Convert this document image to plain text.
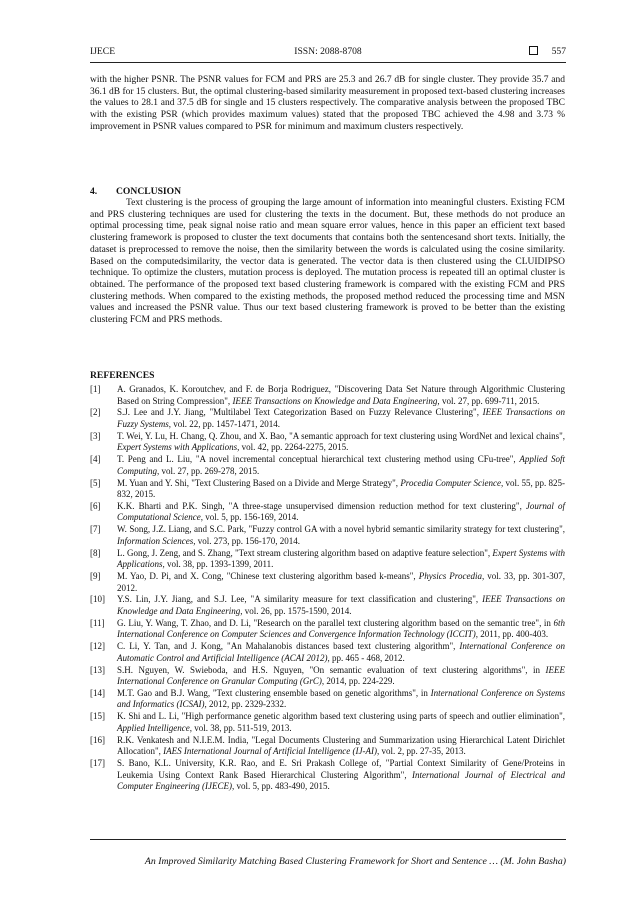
IJECE	ISSN: 2088-8708	557
with the higher PSNR. The PSNR values for FCM and PRS are 25.3 and 26.7 dB for single cluster. They provide 35.7 and 36.1 dB for 15 clusters. But, the optimal clustering-based similarity measurement in proposed text-based clustering increases the values to 28.1 and 37.5 dB for single and 15 clusters respectively. The comparative analysis between the proposed TBC with the existing PSR (which provides maximum values) stated that the proposed TBC achieved the 4.98 and 3.73 % improvement in PSNR values compared to PSR for minimum and maximum clusters respectively.
4. CONCLUSION
Text clustering is the process of grouping the large amount of information into meaningful clusters. Existing FCM and PRS clustering techniques are used for clustering the texts in the document. But, these methods do not produce an optimal processing time, peak signal noise ratio and mean square error values, hence in this paper an efficient text based clustering framework is proposed to cluster the text documents that contains both the sentencesand short texts. Initially, the dataset is preprocessed to remove the noise, then the similarity between the words is calculated using the cosine similarity. Based on the computedsimilarity, the vector data is generated. The vector data is then clustered using the CLUIDIPSO technique. To optimize the clusters, mutation process is deployed. The mutation process is repeated till an optimal cluster is obtained. The performance of the proposed text based clustering framework is compared with the existing FCM and PRS clustering methods. When compared to the existing methods, the proposed method reduced the processing time and MSN values and increased the PSNR value. Thus our text based clustering framework is proved to be better than the existing clustering FCM and PRS methods.
REFERENCES
[1] A. Granados, K. Koroutchev, and F. de Borja Rodriguez, "Discovering Data Set Nature through Algorithmic Clustering Based on String Compression", IEEE Transactions on Knowledge and Data Engineering, vol. 27, pp. 699-711, 2015.
[2] S.J. Lee and J.Y. Jiang, "Multilabel Text Categorization Based on Fuzzy Relevance Clustering", IEEE Transactions on Fuzzy Systems, vol. 22, pp. 1457-1471, 2014.
[3] T. Wei, Y. Lu, H. Chang, Q. Zhou, and X. Bao, "A semantic approach for text clustering using WordNet and lexical chains", Expert Systems with Applications, vol. 42, pp. 2264-2275, 2015.
[4] T. Peng and L. Liu, "A novel incremental conceptual hierarchical text clustering method using CFu-tree", Applied Soft Computing, vol. 27, pp. 269-278, 2015.
[5] M. Yuan and Y. Shi, "Text Clustering Based on a Divide and Merge Strategy", Procedia Computer Science, vol. 55, pp. 825-832, 2015.
[6] K.K. Bharti and P.K. Singh, "A three-stage unsupervised dimension reduction method for text clustering", Journal of Computational Science, vol. 5, pp. 156-169, 2014.
[7] W. Song, J.Z. Liang, and S.C. Park, "Fuzzy control GA with a novel hybrid semantic similarity strategy for text clustering", Information Sciences, vol. 273, pp. 156-170, 2014.
[8] L. Gong, J. Zeng, and S. Zhang, "Text stream clustering algorithm based on adaptive feature selection", Expert Systems with Applications, vol. 38, pp. 1393-1399, 2011.
[9] M. Yao, D. Pi, and X. Cong, "Chinese text clustering algorithm based k-means", Physics Procedia, vol. 33, pp. 301-307, 2012.
[10] Y.S. Lin, J.Y. Jiang, and S.J. Lee, "A similarity measure for text classification and clustering", IEEE Transactions on Knowledge and Data Engineering, vol. 26, pp. 1575-1590, 2014.
[11] G. Liu, Y. Wang, T. Zhao, and D. Li, "Research on the parallel text clustering algorithm based on the semantic tree", in 6th International Conference on Computer Sciences and Convergence Information Technology (ICCIT), 2011, pp. 400-403.
[12] C. Li, Y. Tan, and J. Kong, "An Mahalanobis distances based text clustering algorithm", International Conference on Automatic Control and Artificial Intelligence (ACAI 2012), pp. 465 - 468, 2012.
[13] S.H. Nguyen, W. Swieboda, and H.S. Nguyen, "On semantic evaluation of text clustering algorithms", in IEEE International Conference on Granular Computing (GrC), 2014, pp. 224-229.
[14] M.T. Gao and B.J. Wang, "Text clustering ensemble based on genetic algorithms", in International Conference on Systems and Informatics (ICSAI), 2012, pp. 2329-2332.
[15] K. Shi and L. Li, "High performance genetic algorithm based text clustering using parts of speech and outlier elimination", Applied Intelligence, vol. 38, pp. 511-519, 2013.
[16] R.K. Venkatesh and N.I.E.M. India, "Legal Documents Clustering and Summarization using Hierarchical Latent Dirichlet Allocation", IAES International Journal of Artificial Intelligence (IJ-AI), vol. 2, pp. 27-35, 2013.
[17] S. Bano, K.L. University, K.R. Rao, and E. Sri Prakash College of, "Partial Context Similarity of Gene/Proteins in Leukemia Using Context Rank Based Hierarchical Clustering Algorithm", International Journal of Electrical and Computer Engineering (IJECE), vol. 5, pp. 483-490, 2015.
An Improved Similarity Matching Based Clustering Framework for Short and Sentence … (M. John Basha)
